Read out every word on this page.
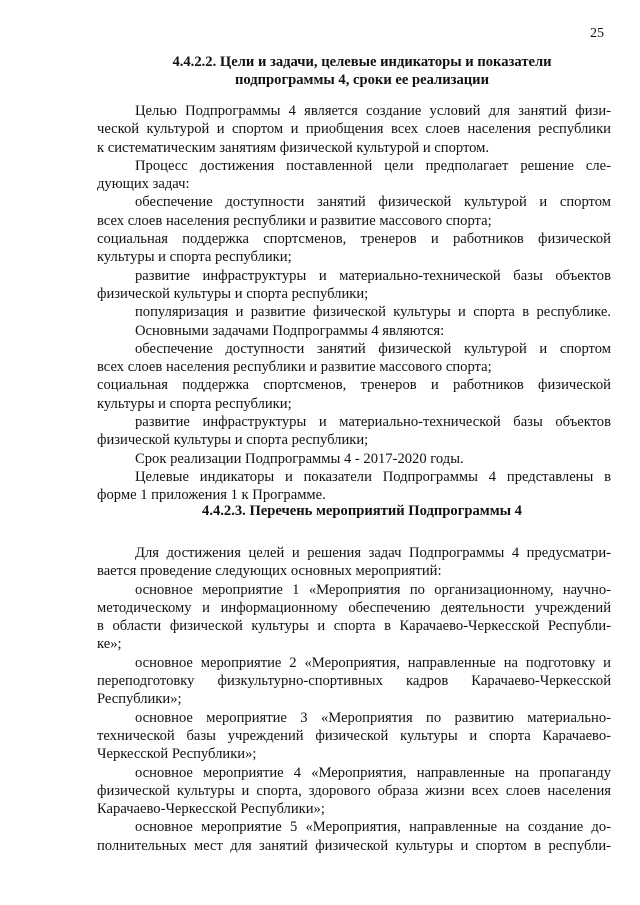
25
4.4.2.2. Цели и задачи, целевые индикаторы и показатели
подпрограммы 4, сроки ее реализации
Целью Подпрограммы 4 является создание условий для занятий физи-
ческой культурой и спортом и приобщения всех слоев населения республики
к систематическим занятиям физической культурой и спортом.
Процесс достижения поставленной цели предполагает решение сле-
дующих задач:
обеспечение доступности занятий физической культурой и спортом
всех слоев населения республики и развитие массового спорта;
социальная поддержка спортсменов, тренеров и работников физической
культуры и спорта республики;
развитие инфраструктуры и материально-технической базы объектов
физической культуры и спорта республики;
популяризация и развитие физической культуры и спорта в республике.
Основными задачами Подпрограммы 4 являются:
обеспечение доступности занятий физической культурой и спортом
всех слоев населения республики и развитие массового спорта;
социальная поддержка спортсменов, тренеров и работников физической
культуры и спорта республики;
развитие инфраструктуры и материально-технической базы объектов
физической культуры и спорта республики;
Срок реализации Подпрограммы 4 - 2017-2020 годы.
Целевые индикаторы и показатели Подпрограммы 4 представлены в
форме 1 приложения 1 к Программе.
4.4.2.3. Перечень мероприятий Подпрограммы 4
Для достижения целей и решения задач Подпрограммы 4 предусматри-
вается проведение следующих основных мероприятий:
основное мероприятие 1 «Мероприятия по организационному, научно-
методическому и информационному обеспечению деятельности учреждений
в области физической культуры и спорта в Карачаево-Черкесской Республи-
ке»;
основное мероприятие 2 «Мероприятия, направленные на подготовку и
переподготовку физкультурно-спортивных кадров Карачаево-Черкесской
Республики»;
основное мероприятие 3 «Мероприятия по развитию материально-
технической базы учреждений физической культуры и спорта Карачаево-
Черкесской Республики»;
основное мероприятие 4 «Мероприятия, направленные на пропаганду
физической культуры и спорта, здорового образа жизни всех слоев населения
Карачаево-Черкесской Республики»;
основное мероприятие 5 «Мероприятия, направленные на создание до-
полнительных мест для занятий физической культуры и спортом в республи-
